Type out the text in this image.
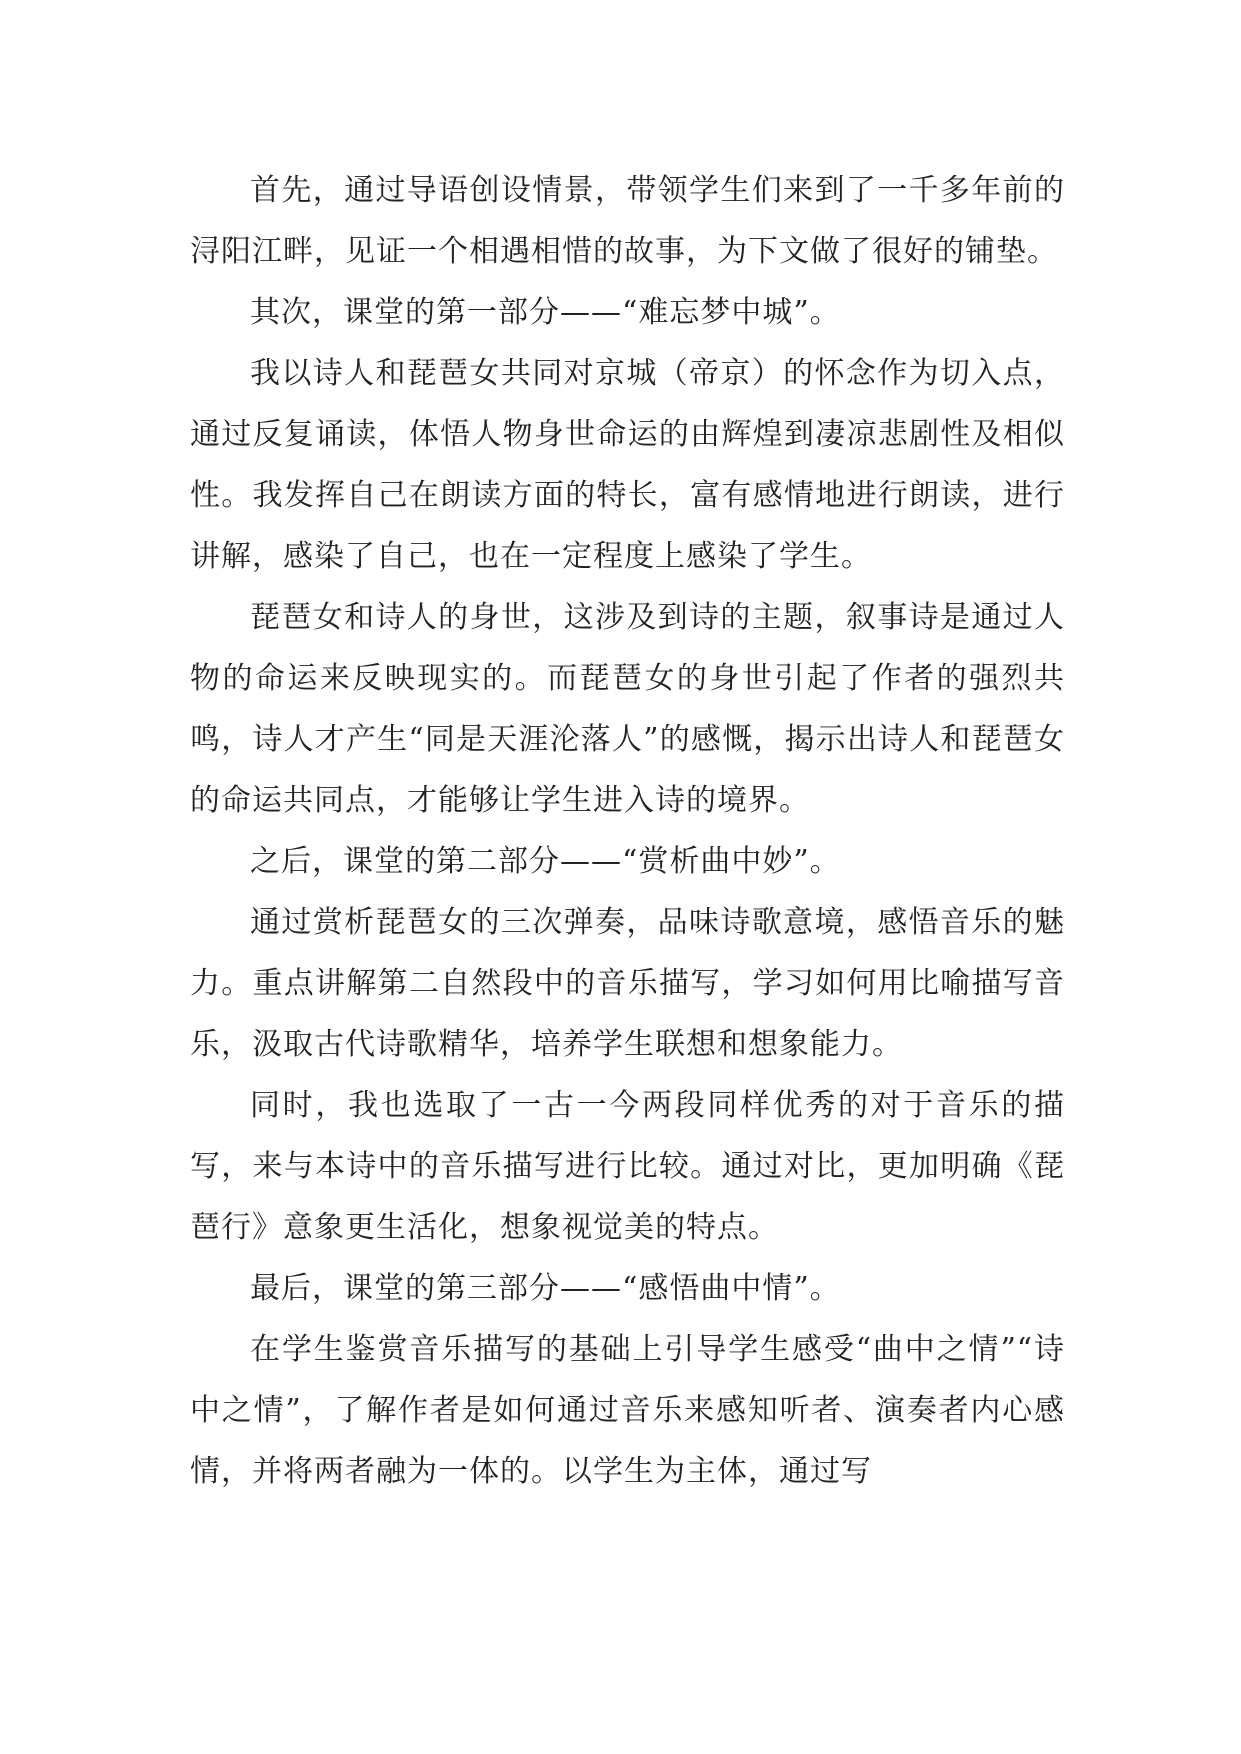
首先，通过导语创设情景，带领学生们来到了一千多年前的浔阳江畔，见证一个相遇相惜的故事，为下文做了很好的铺垫。

其次，课堂的第一部分——“难忘梦中城”。

我以诗人和琵琶女共同对京城（帝京）的怀念作为切入点，通过反复诵读，体悟人物身世命运的由辉煌到凄凉悲剧性及相似性。我发挥自己在朗读方面的特长，富有感情地进行朗读，进行讲解，感染了自己，也在一定程度上感染了学生。

琵琶女和诗人的身世，这涉及到诗的主题，叙事诗是通过人物的命运来反映现实的。而琵琶女的身世引起了作者的强烈共鸣，诗人才产生“同是天涯沦落人”的感慨，揭示出诗人和琵琶女的命运共同点，才能够让学生进入诗的境界。

之后，课堂的第二部分——“赏析曲中妙”。

通过赏析琵琶女的三次弹奏，品味诗歌意境，感悟音乐的魅力。重点讲解第二自然段中的音乐描写，学习如何用比喻描写音乐，汲取古代诗歌精华，培养学生联想和想象能力。

同时，我也选取了一古一今两段同样优秀的对于音乐的描写，来与本诗中的音乐描写进行比较。通过对比，更加明确《琵琶行》意象更生活化，想象视觉美的特点。

最后，课堂的第三部分——“感悟曲中情”。

在学生鉴赏音乐描写的基础上引导学生感受“曲中之情”“诗中之情”，了解作者是如何通过音乐来感知听者、演奏者内心感情，并将两者融为一体的。以学生为主体，通过写
